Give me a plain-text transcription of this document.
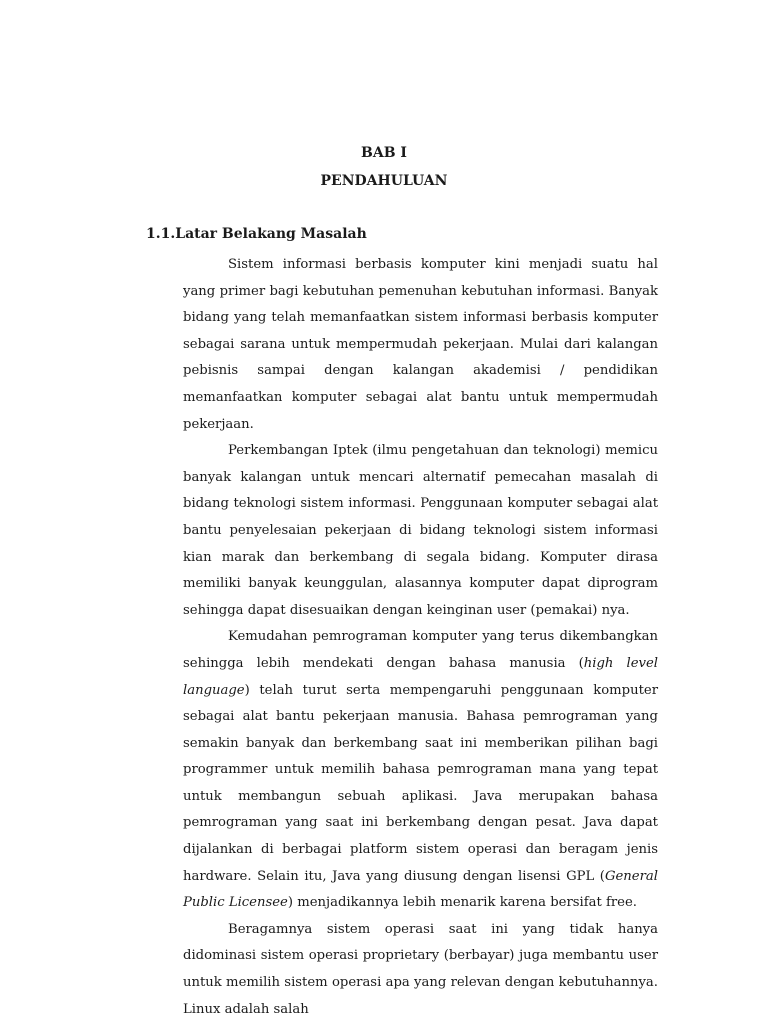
BAB I
PENDAHULUAN
1.1.Latar Belakang Masalah

Sistem informasi berbasis komputer kini menjadi suatu hal yang primer bagi kebutuhan pemenuhan kebutuhan informasi. Banyak bidang yang telah memanfaatkan sistem informasi berbasis komputer sebagai sarana untuk mempermudah pekerjaan. Mulai dari kalangan pebisnis sampai dengan kalangan akademisi / pendidikan memanfaatkan komputer sebagai alat bantu untuk mempermudah pekerjaan.

Perkembangan Iptek (ilmu pengetahuan dan teknologi) memicu banyak kalangan untuk mencari alternatif pemecahan masalah di bidang teknologi sistem informasi. Penggunaan komputer sebagai alat bantu penyelesaian pekerjaan di bidang teknologi sistem informasi kian marak dan berkembang di segala bidang. Komputer dirasa memiliki banyak keunggulan, alasannya komputer dapat diprogram sehingga dapat disesuaikan dengan keinginan user (pemakai) nya.

Kemudahan pemrograman komputer yang terus dikembangkan sehingga lebih mendekati dengan bahasa manusia (high level language) telah turut serta mempengaruhi penggunaan komputer sebagai alat bantu pekerjaan manusia. Bahasa pemrograman yang semakin banyak dan berkembang saat ini memberikan pilihan bagi programmer untuk memilih bahasa pemrograman mana yang tepat untuk membangun sebuah aplikasi. Java merupakan bahasa pemrograman yang saat ini berkembang dengan pesat. Java dapat dijalankan di berbagai platform sistem operasi dan beragam jenis hardware. Selain itu, Java yang diusung dengan lisensi GPL (General Public Licensee) menjadikannya lebih menarik karena bersifat free.

Beragamnya sistem operasi saat ini yang tidak hanya didominasi sistem operasi proprietary (berbayar) juga membantu user untuk memilih sistem operasi apa yang relevan dengan kebutuhannya. Linux adalah salah
